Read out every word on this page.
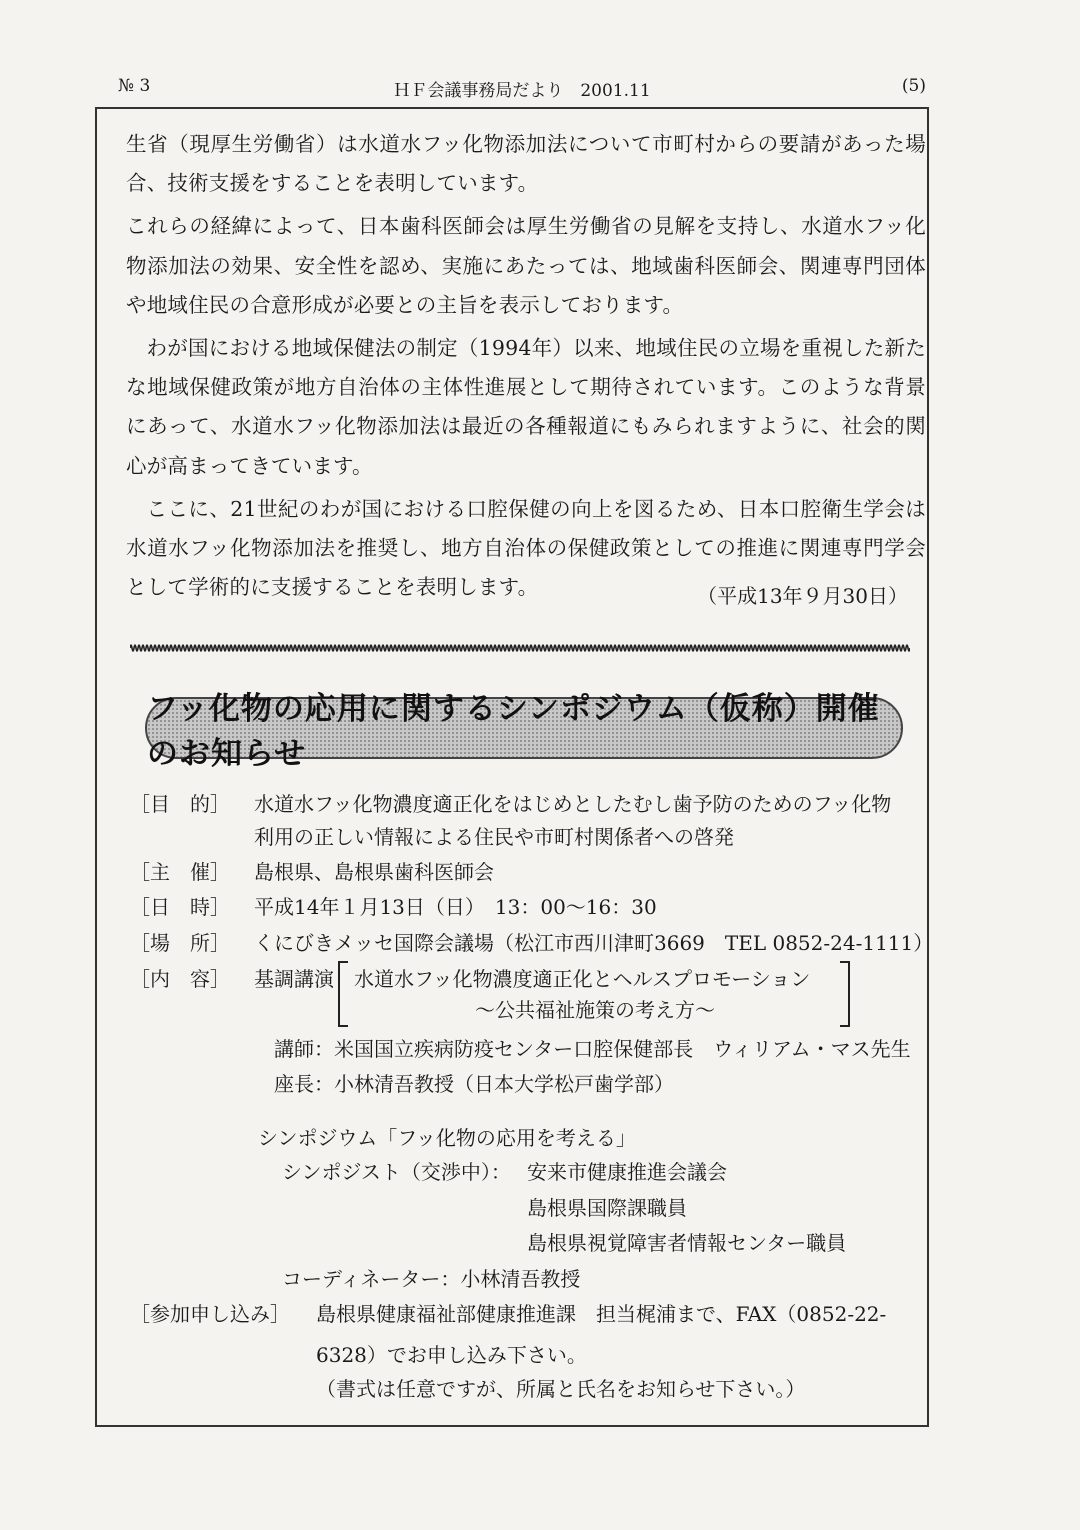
№ 3	ＨＦ会議事務局だより　2001.11	(5)

生省（現厚生労働省）は水道水フッ化物添加法について市町村からの要請があった場合、技術支援をすることを表明しています。

これらの経緯によって、日本歯科医師会は厚生労働省の見解を支持し、水道水フッ化物添加法の効果、安全性を認め、実施にあたっては、地域歯科医師会、関連専門団体や地域住民の合意形成が必要との主旨を表示しております。

わが国における地域保健法の制定（1994年）以来、地域住民の立場を重視した新たな地域保健政策が地方自治体の主体性進展として期待されています。このような背景にあって、水道水フッ化物添加法は最近の各種報道にもみられますように、社会的関心が高まってきています。

ここに、21世紀のわが国における口腔保健の向上を図るため、日本口腔衛生学会は水道水フッ化物添加法を推奨し、地方自治体の保健政策としての推進に関連専門学会として学術的に支援することを表明します。	（平成13年９月30日）
フッ化物の応用に関するシンポジウム（仮称）開催のお知らせ
［目　的］	水道水フッ化物濃度適正化をはじめとしたむし歯予防のためのフッ化物
利用の正しい情報による住民や市町村関係者への啓発
［主　催］	島根県、島根県歯科医師会
［日　時］	平成14年１月13日（日）　13：00～16：30
［場　所］	くにびきメッセ国際会議場（松江市西川津町3669　TEL 0852-24-1111）
［内　容］	基調講演 水道水フッ化物濃度適正化とヘルスプロモーション
～公共福祉施策の考え方～
講師：米国国立疾病防疫センター口腔保健部長　ウィリアム・マス先生
座長：小林清吾教授（日本大学松戸歯学部）
シンポジウム「フッ化物の応用を考える」
シンポジスト（交渉中）： 安来市健康推進会議会
島根県国際課職員
島根県視覚障害者情報センター職員
コーディネーター：小林清吾教授
［参加申し込み］ 島根県健康福祉部健康推進課　担当梶浦まで、FAX（0852-22-
6328）でお申し込み下さい。
（書式は任意ですが、所属と氏名をお知らせ下さい。）
